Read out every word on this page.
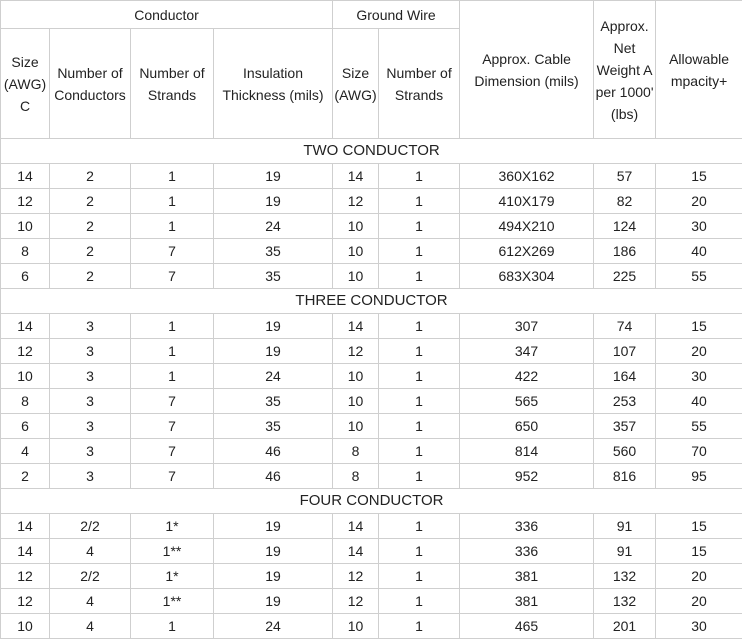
Conductor				Ground Wire		Approx. Cable Dimension (mils)	Approx. Net Weight A per 1000' (lbs)	Allowable mpacity+
Size (AWG) C	Number of Conductors	Number of Strands	Insulation Thickness (mils)	Size (AWG)	Number of Strands			
TWO CONDUCTOR								
14	2	1	19	14	1	360X162	57	15
12	2	1	19	12	1	410X179	82	20
10	2	1	24	10	1	494X210	124	30
8	2	7	35	10	1	612X269	186	40
6	2	7	35	10	1	683X304	225	55
THREE CONDUCTOR								
14	3	1	19	14	1	307	74	15
12	3	1	19	12	1	347	107	20
10	3	1	24	10	1	422	164	30
8	3	7	35	10	1	565	253	40
6	3	7	35	10	1	650	357	55
4	3	7	46	8	1	814	560	70
2	3	7	46	8	1	952	816	95
FOUR CONDUCTOR								
14	2/2	1*	19	14	1	336	91	15
14	4	1**	19	14	1	336	91	15
12	2/2	1*	19	12	1	381	132	20
12	4	1**	19	12	1	381	132	20
10	4	1	24	10	1	465	201	30
